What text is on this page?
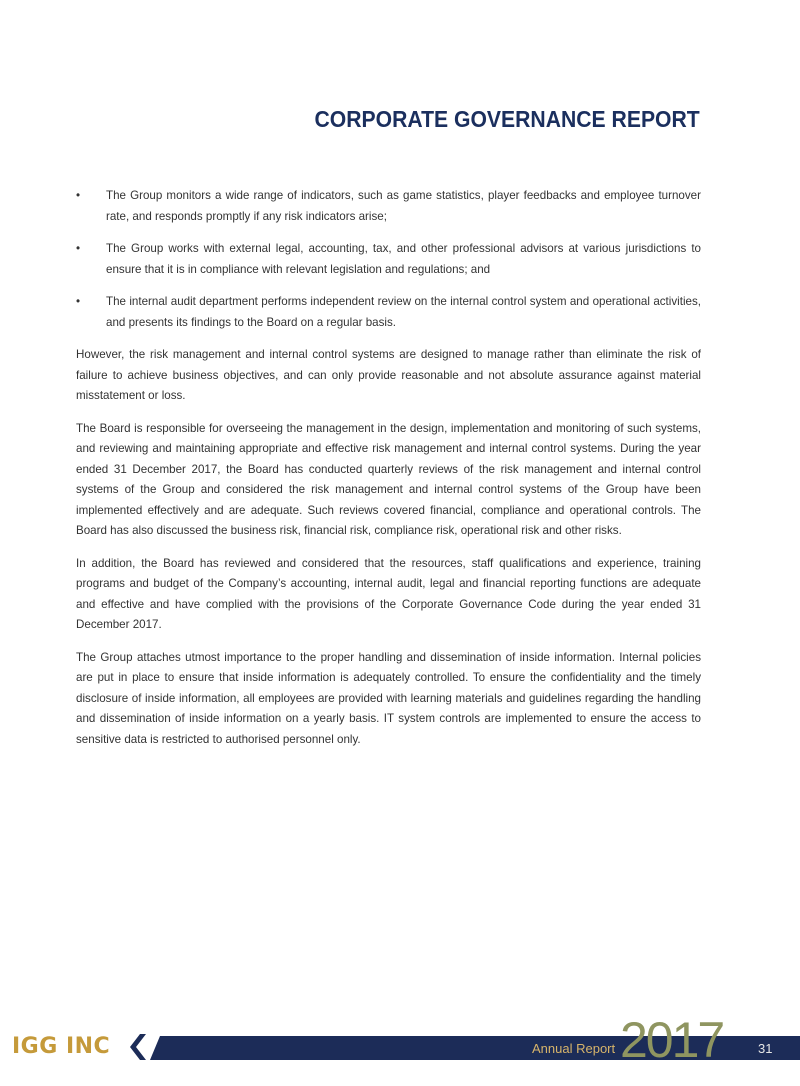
CORPORATE GOVERNANCE REPORT
• The Group monitors a wide range of indicators, such as game statistics, player feedbacks and employee turnover rate, and responds promptly if any risk indicators arise;
• The Group works with external legal, accounting, tax, and other professional advisors at various jurisdictions to ensure that it is in compliance with relevant legislation and regulations; and
• The internal audit department performs independent review on the internal control system and operational activities, and presents its findings to the Board on a regular basis.

However, the risk management and internal control systems are designed to manage rather than eliminate the risk of failure to achieve business objectives, and can only provide reasonable and not absolute assurance against material misstatement or loss.

The Board is responsible for overseeing the management in the design, implementation and monitoring of such systems, and reviewing and maintaining appropriate and effective risk management and internal control systems. During the year ended 31 December 2017, the Board has conducted quarterly reviews of the risk management and internal control systems of the Group and considered the risk management and internal control systems of the Group have been implemented effectively and are adequate. Such reviews covered financial, compliance and operational controls. The Board has also discussed the business risk, financial risk, compliance risk, operational risk and other risks.

In addition, the Board has reviewed and considered that the resources, staff qualifications and experience, training programs and budget of the Company’s accounting, internal audit, legal and financial reporting functions are adequate and effective and have complied with the provisions of the Corporate Governance Code during the year ended 31 December 2017.

The Group attaches utmost importance to the proper handling and dissemination of inside information. Internal policies are put in place to ensure that inside information is adequately controlled. To ensure the confidentiality and the timely disclosure of inside information, all employees are provided with learning materials and guidelines regarding the handling and dissemination of inside information on a yearly basis. IT system controls are implemented to ensure the access to sensitive data is restricted to authorised personnel only.

IGG INC	Annual Report 2017	31
